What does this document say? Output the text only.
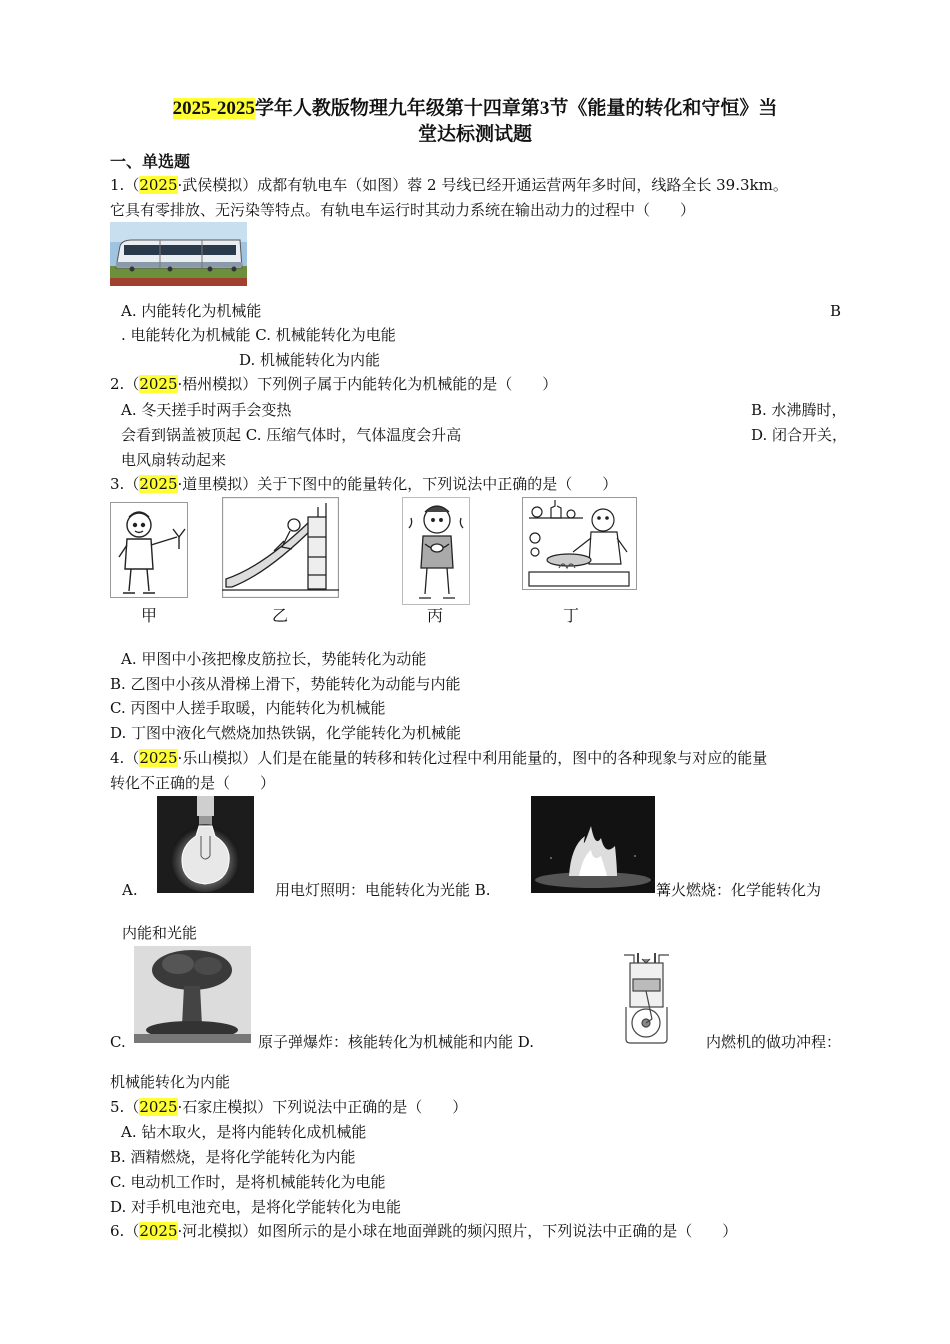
2025-2025学年人教版物理九年级第十四章第3节《能量的转化和守恒》当
堂达标测试题
一、单选题
1.（2025·武侯模拟）成都有轨电车（如图）蓉 2 号线已经开通运营两年多时间，线路全长 39.3km。
它具有零排放、无污染等特点。有轨电车运行时其动力系统在输出动力的过程中（　　）
A. 内能转化为机械能	B
. 电能转化为机械能 C. 机械能转化为电能
D. 机械能转化为内能
2.（2025·梧州模拟）下列例子属于内能转化为机械能的是（　　）
A. 冬天搓手时两手会变热	B. 水沸腾时，
会看到锅盖被顶起 C. 压缩气体时，气体温度会升高	D. 闭合开关，
电风扇转动起来
3.（2025·道里模拟）关于下图中的能量转化，下列说法中正确的是（　　）
甲	乙	丙	丁
A. 甲图中小孩把橡皮筋拉长，势能转化为动能
B. 乙图中小孩从滑梯上滑下，势能转化为动能与内能
C. 丙图中人搓手取暖，内能转化为机械能
D. 丁图中液化气燃烧加热铁锅，化学能转化为机械能
4.（2025·乐山模拟）人们是在能量的转移和转化过程中利用能量的，图中的各种现象与对应的能量
转化不正确的是（　　）
A.	用电灯照明：电能转化为光能 B.	篝火燃烧：化学能转化为
内能和光能
C.	原子弹爆炸：核能转化为机械能和内能 D.	内燃机的做功冲程：
机械能转化为内能
5.（2025·石家庄模拟）下列说法中正确的是（　　）
A. 钻木取火，是将内能转化成机械能
B. 酒精燃烧，是将化学能转化为内能
C. 电动机工作时，是将机械能转化为电能
D. 对手机电池充电，是将化学能转化为电能
6.（2025·河北模拟）如图所示的是小球在地面弹跳的频闪照片，下列说法中正确的是（　　）
